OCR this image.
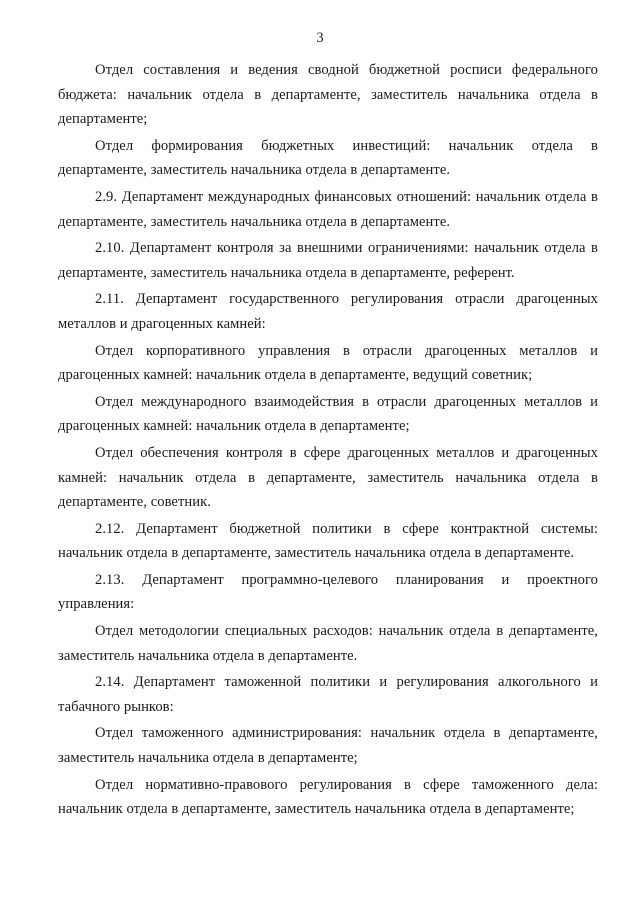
3

Отдел составления и ведения сводной бюджетной росписи федерального бюджета: начальник отдела в департаменте, заместитель начальника отдела в департаменте;

Отдел формирования бюджетных инвестиций: начальник отдела в департаменте, заместитель начальника отдела в департаменте.

2.9. Департамент международных финансовых отношений: начальник отдела в департаменте, заместитель начальника отдела в департаменте.

2.10. Департамент контроля за внешними ограничениями: начальник отдела в департаменте, заместитель начальника отдела в департаменте, референт.

2.11. Департамент государственного регулирования отрасли драгоценных металлов и драгоценных камней:

Отдел корпоративного управления в отрасли драгоценных металлов и драгоценных камней: начальник отдела в департаменте, ведущий советник;

Отдел международного взаимодействия в отрасли драгоценных металлов и драгоценных камней: начальник отдела в департаменте;

Отдел обеспечения контроля в сфере драгоценных металлов и драгоценных камней: начальник отдела в департаменте, заместитель начальника отдела в департаменте, советник.

2.12. Департамент бюджетной политики в сфере контрактной системы: начальник отдела в департаменте, заместитель начальника отдела в департаменте.

2.13. Департамент программно-целевого планирования и проектного управления:

Отдел методологии специальных расходов: начальник отдела в департаменте, заместитель начальника отдела в департаменте.

2.14. Департамент таможенной политики и регулирования алкогольного и табачного рынков:

Отдел таможенного администрирования: начальник отдела в департаменте, заместитель начальника отдела в департаменте;

Отдел нормативно-правового регулирования в сфере таможенного дела: начальник отдела в департаменте, заместитель начальника отдела в департаменте;
